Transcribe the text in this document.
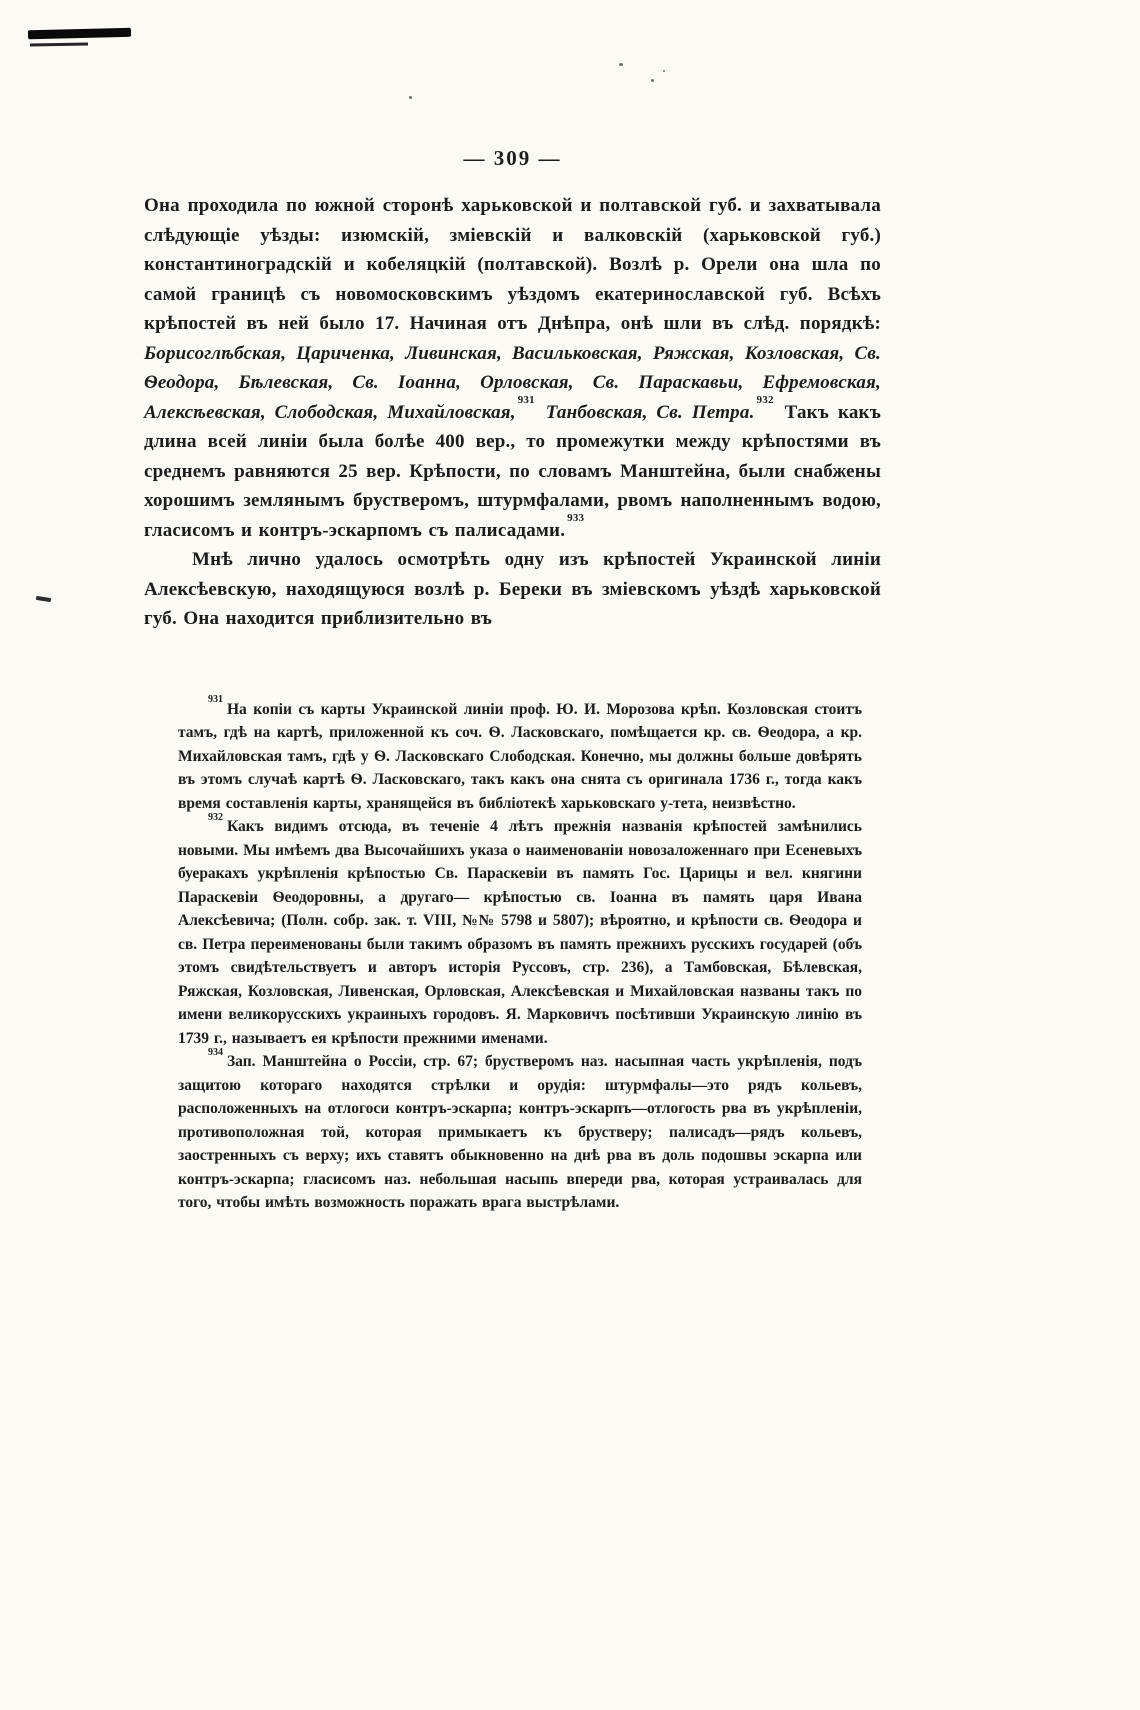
— 309 —

Она проходила по южной сторонѣ харьковской и полтавской губ. и захватывала слѣдующіе уѣзды: изюмскій, зміевскій и валковскій (харьковской губ.) константиноградскій и кобеляцкій (полтавской). Возлѣ р. Орели она шла по самой границѣ съ новомосковскимъ уѣздомъ екатеринославской губ. Всѣхъ крѣпостей въ ней было 17. Начиная отъ Днѣпра, онѣ шли въ слѣд. порядкѣ: Борисоглѣбская, Цариченка, Ливинская, Васильковская, Ряжская, Козловская, Св. Ѳеодора, Бѣлевская, Св. Іоанна, Орловская, Св. Параскавьи, Ефремовская, Алексѣевская, Слободская, Михайловская,$^{931}$ Танбовская, Св. Петра.$^{932}$ Такъ какъ длина всей линіи была болѣе 400 вер., то промежутки между крѣпостями въ среднемъ равняются 25 вер. Крѣпости, по словамъ Манштейна, были снабжены хорошимъ землянымъ брустверомъ, штурмфалами, рвомъ наполненнымъ водою, гласисомъ и контръ-эскарпомъ съ палисадами.$^{933}$

Мнѣ лично удалось осмотрѣть одну изъ крѣпостей Украинской линіи Алексѣевскую, находящуюся возлѣ р. Береки въ зміевскомъ уѣздѣ харьковской губ. Она находится приблизительно въ

$^{931}$На копіи съ карты Украинской линіи проф. Ю. И. Морозова крѣп. Козловская стоитъ тамъ, гдѣ на картѣ, приложенной къ соч. Ѳ. Ласковскаго, помѣщается кр. св. Ѳеодора, а кр. Михайловская тамъ, гдѣ у Ѳ. Ласковскаго Слободская. Конечно, мы должны больше довѣрять въ этомъ случаѣ картѣ Ѳ. Ласковскаго, такъ какъ она снята съ оригинала 1736 г., тогда какъ время составленія карты, хранящейся въ библіотекѣ харьковскаго у-тета, неизвѣстно.

$^{932}$Какъ видимъ отсюда, въ теченіе 4 лѣтъ прежнія названія крѣпостей замѣнились новыми. Мы имѣемъ два Высочайшихъ указа о наименованіи новозаложеннаго при Есеневыхъ буеракахъ укрѣпленія крѣпостью Св. Параскевіи въ память Гос. Царицы и вел. княгини Параскевіи Ѳеодоровны, а другаго— крѣпостью св. Іоанна въ память царя Ивана Алексѣевича; (Полн. собр. зак. т. VIII, №№ 5798 и 5807); вѣроятно, и крѣпости св. Ѳеодора и св. Петра переименованы были такимъ образомъ въ память прежнихъ русскихъ государей (объ этомъ свидѣтельствуетъ и авторъ исторія Руссовъ, стр. 236), а Тамбовская, Бѣлевская, Ряжская, Козловская, Ливенская, Орловская, Алексѣевская и Михайловская названы такъ по имени великорусскихъ украиныхъ городовъ. Я. Марковичъ посѣтивши Украинскую линію въ 1739 г., называетъ ея крѣпости прежними именами.

$^{934}$Зап. Манштейна о Россіи, стр. 67; брустверомъ наз. насыпная часть укрѣпленія, подъ защитою котораго находятся стрѣлки и орудія: штурмфалы—это рядъ кольевъ, расположенныхъ на отлогоси контръ-эскарпа; контръ-эскарпъ—отлогость рва въ укрѣпленіи, противоположная той, которая примыкаетъ къ брустверу; палисадъ—рядъ кольевъ, заостренныхъ съ верху; ихъ ставятъ обыкновенно на днѣ рва въ доль подошвы эскарпа или контръ-эскарпа; гласисомъ наз. небольшая насыпь впереди рва, которая устраивалась для того, чтобы имѣть возможность поражать врага выстрѣлами.
